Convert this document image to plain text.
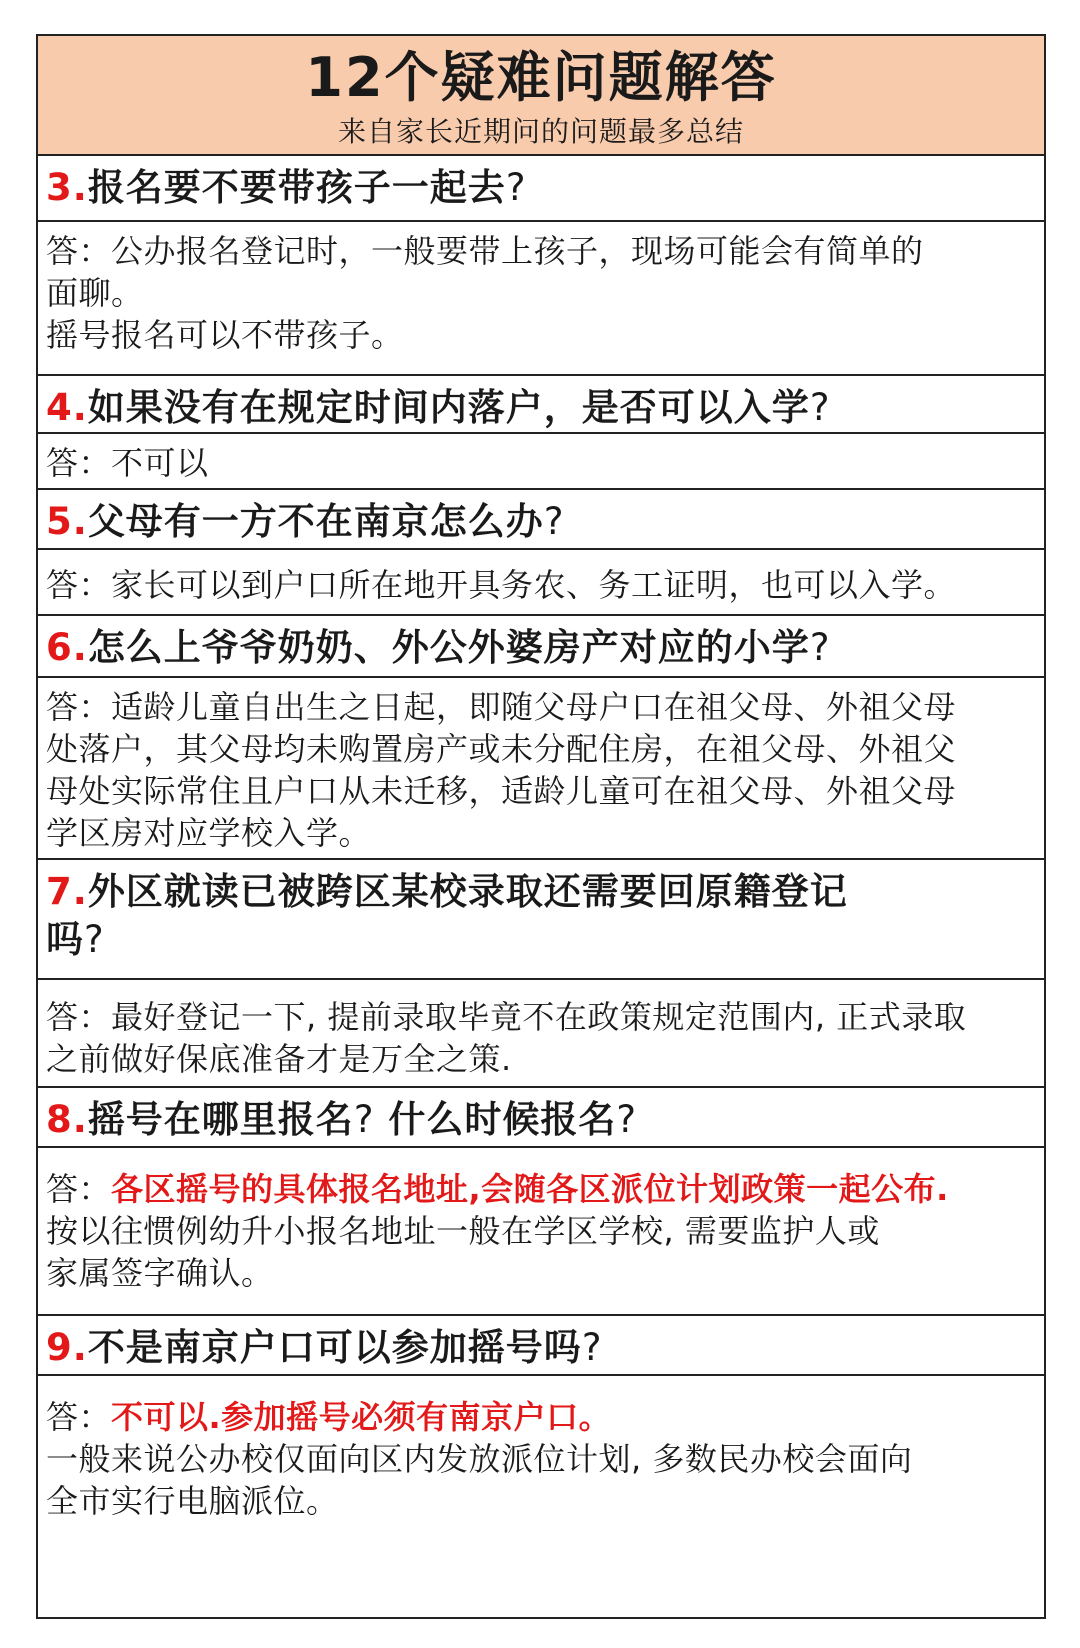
12个疑难问题解答
来自家长近期问的问题最多总结
3.报名要不要带孩子一起去?

答：公办报名登记时，一般要带上孩子，现场可能会有简单的

面聊。

摇号报名可以不带孩子。

4.如果没有在规定时间内落户，是否可以入学?

答：不可以

5.父母有一方不在南京怎么办?

答：家长可以到户口所在地开具务农、务工证明，也可以入学。

6.怎么上爷爷奶奶、外公外婆房产对应的小学?

答：适龄儿童自出生之日起，即随父母户口在祖父母、外祖父母

处落户，其父母均未购置房产或未分配住房，在祖父母、外祖父

母处实际常住且户口从未迁移，适龄儿童可在祖父母、外祖父母

学区房对应学校入学。

7.外区就读已被跨区某校录取还需要回原籍登记

吗?

答：最好登记一下, 提前录取毕竟不在政策规定范围内, 正式录取

之前做好保底准备才是万全之策.

8.摇号在哪里报名? 什么时候报名?

答：各区摇号的具体报名地址,会随各区派位计划政策一起公布.

按以往惯例幼升小报名地址一般在学区学校, 需要监护人或

家属签字确认。

9.不是南京户口可以参加摇号吗?

答：不可以.参加摇号必须有南京户口。

一般来说公办校仅面向区内发放派位计划, 多数民办校会面向

全市实行电脑派位。
